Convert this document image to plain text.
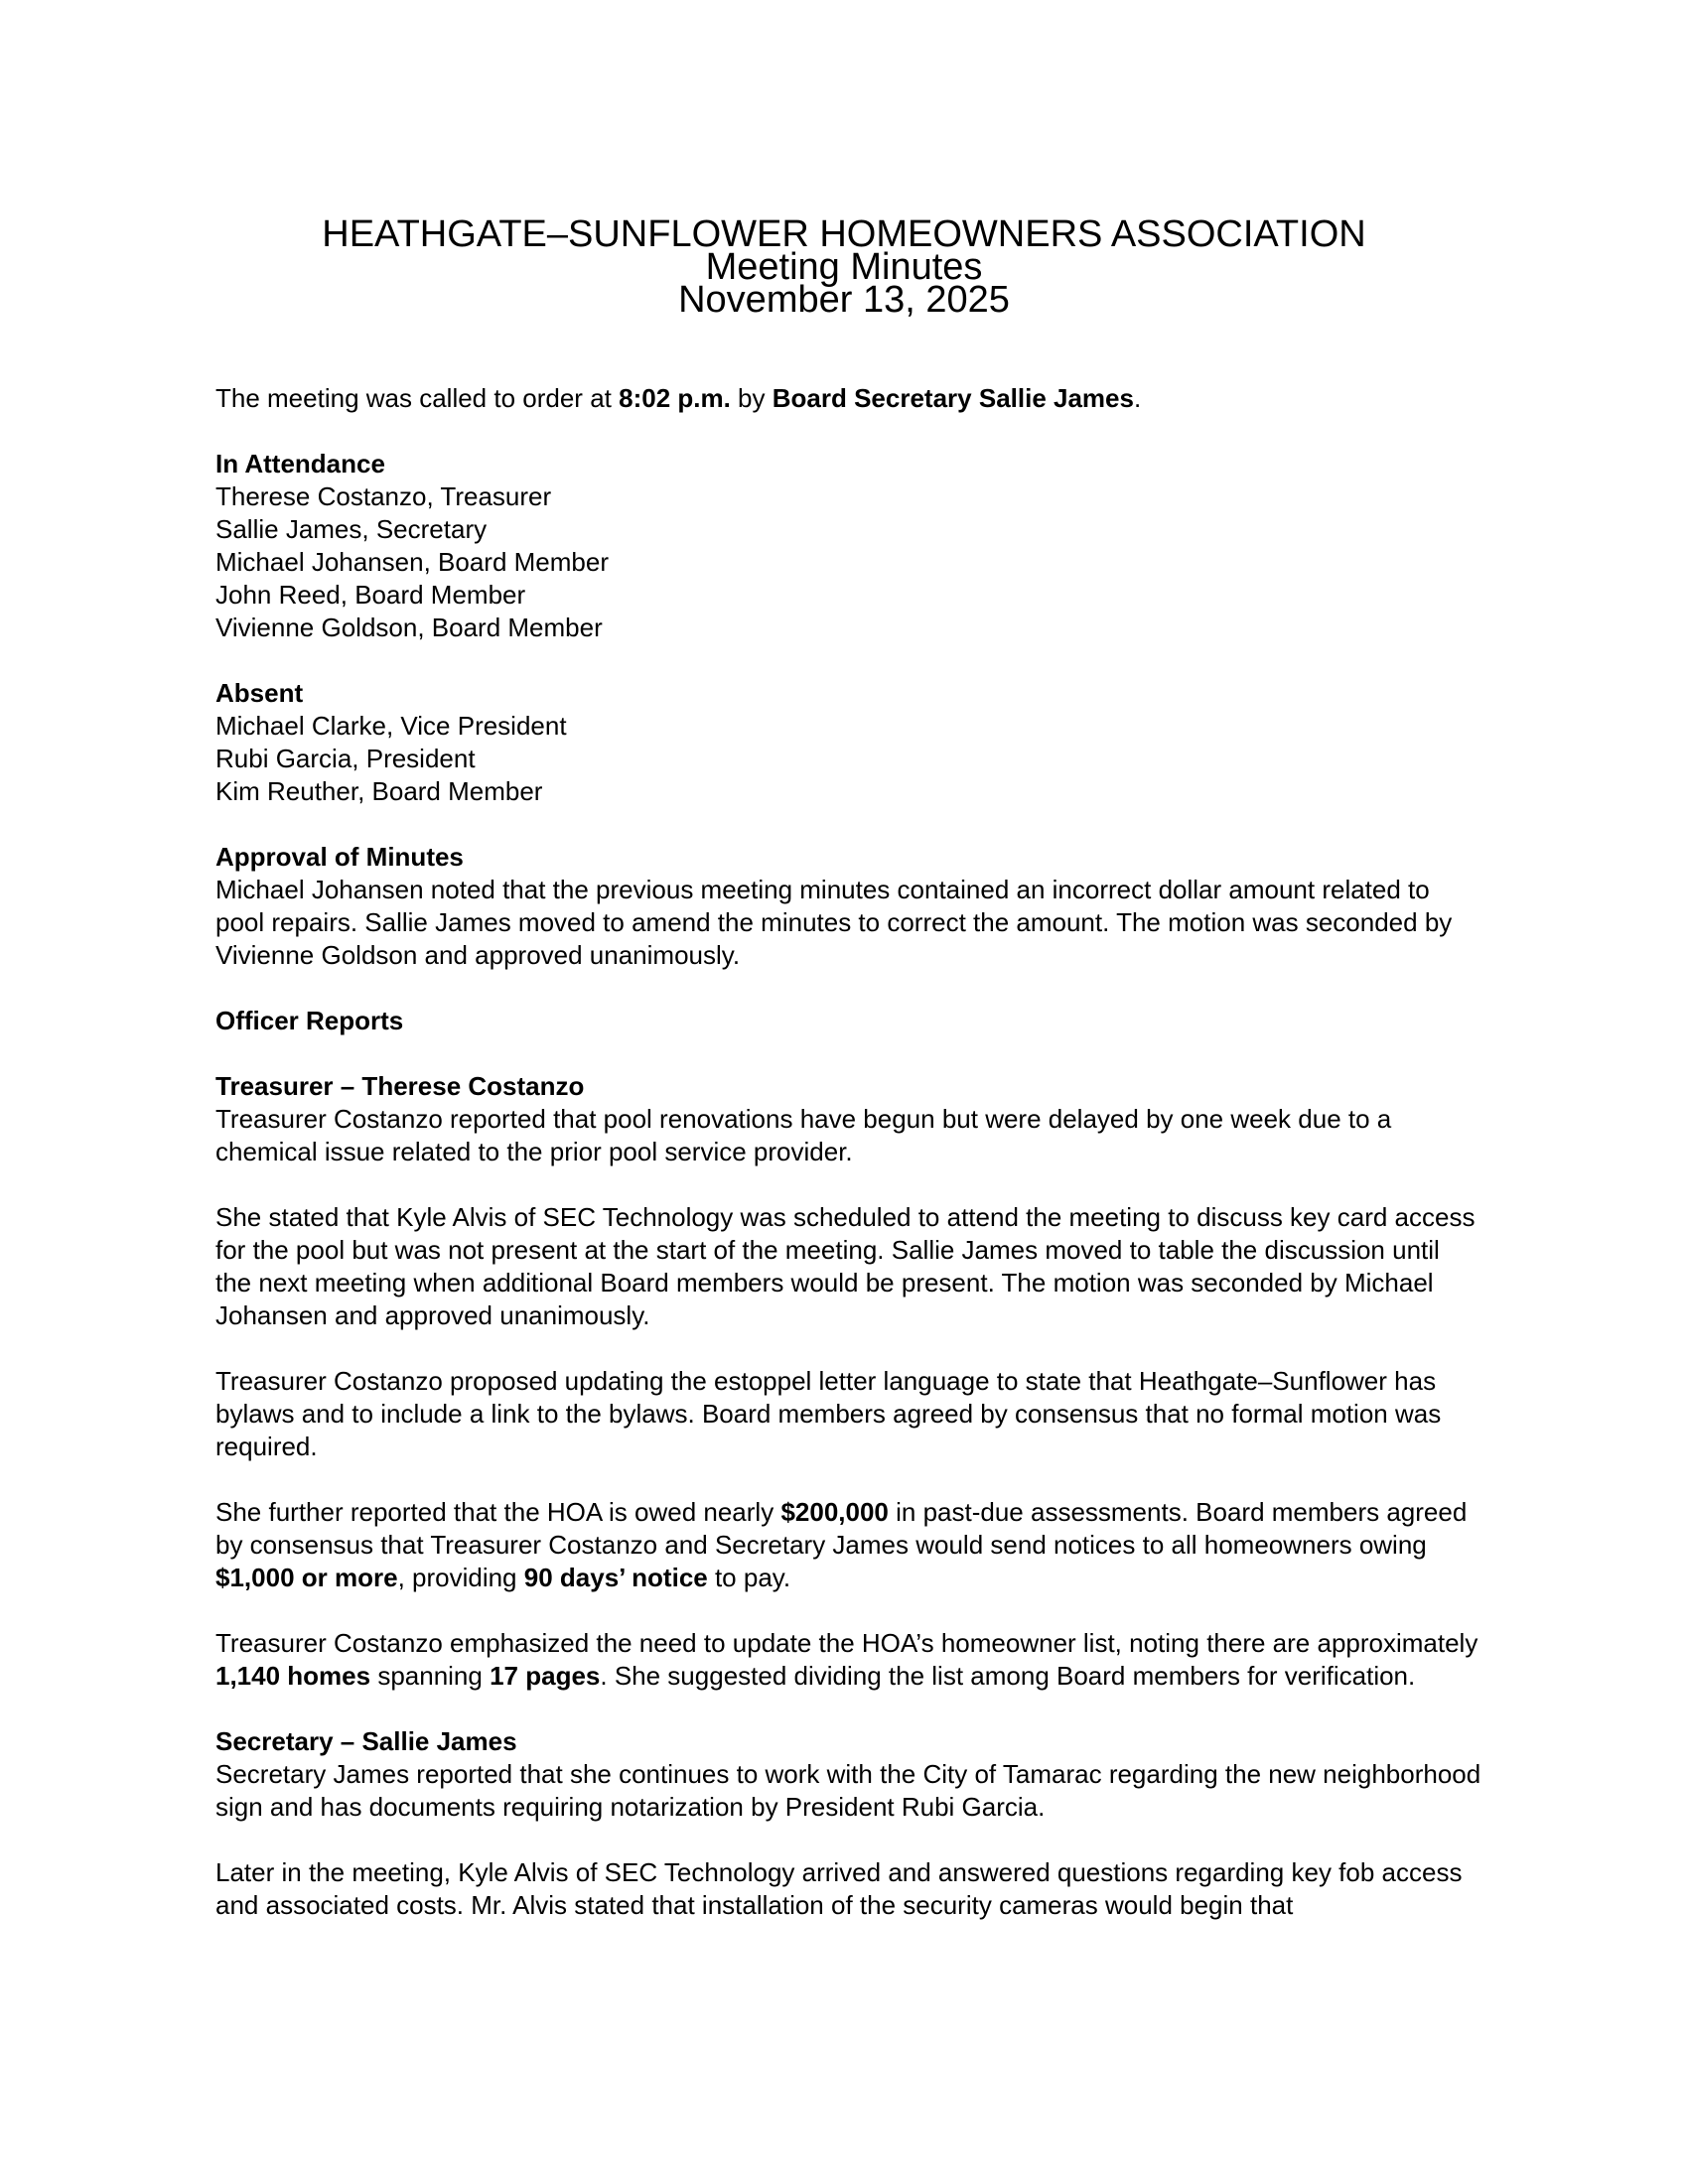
HEATHGATE–SUNFLOWER HOMEOWNERS ASSOCIATION
Meeting Minutes
November 13, 2025

The meeting was called to order at 8:02 p.m. by Board Secretary Sallie James.

In Attendance
Therese Costanzo, Treasurer
Sallie James, Secretary
Michael Johansen, Board Member
John Reed, Board Member
Vivienne Goldson, Board Member
Absent
Michael Clarke, Vice President
Rubi Garcia, President
Kim Reuther, Board Member
Approval of Minutes
Michael Johansen noted that the previous meeting minutes contained an incorrect dollar amount related to pool repairs. Sallie James moved to amend the minutes to correct the amount. The motion was seconded by Vivienne Goldson and approved unanimously.

Officer Reports

Treasurer – Therese Costanzo
Treasurer Costanzo reported that pool renovations have begun but were delayed by one week due to a chemical issue related to the prior pool service provider.

She stated that Kyle Alvis of SEC Technology was scheduled to attend the meeting to discuss key card access for the pool but was not present at the start of the meeting. Sallie James moved to table the discussion until the next meeting when additional Board members would be present. The motion was seconded by Michael Johansen and approved unanimously.

Treasurer Costanzo proposed updating the estoppel letter language to state that Heathgate–Sunflower has bylaws and to include a link to the bylaws. Board members agreed by consensus that no formal motion was required.

She further reported that the HOA is owed nearly $200,000 in past-due assessments. Board members agreed by consensus that Treasurer Costanzo and Secretary James would send notices to all homeowners owing $1,000 or more, providing 90 days’ notice to pay.

Treasurer Costanzo emphasized the need to update the HOA’s homeowner list, noting there are approximately 1,140 homes spanning 17 pages. She suggested dividing the list among Board members for verification.

Secretary – Sallie James
Secretary James reported that she continues to work with the City of Tamarac regarding the new neighborhood sign and has documents requiring notarization by President Rubi Garcia.

Later in the meeting, Kyle Alvis of SEC Technology arrived and answered questions regarding key fob access and associated costs. Mr. Alvis stated that installation of the security cameras would begin that
